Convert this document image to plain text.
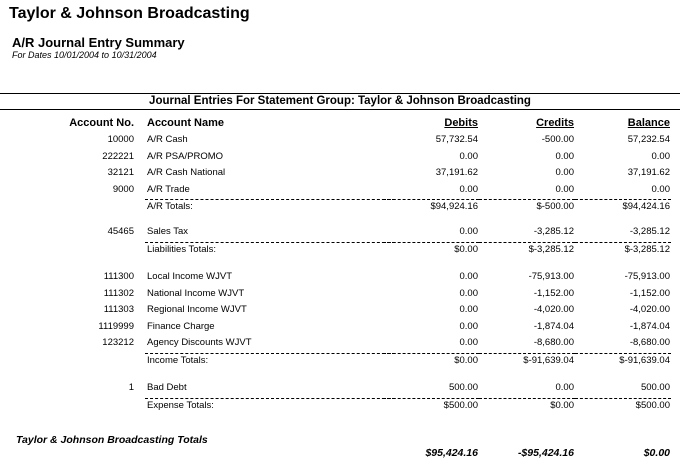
Taylor & Johnson Broadcasting
A/R Journal Entry Summary
For Dates 10/01/2004 to 10/31/2004
Journal Entries For Statement Group: Taylor & Johnson Broadcasting
Account No. Account Name	Debits	Credits	Balance
10000 A/R Cash	57,732.54	-500.00	57,232.54
222221 A/R PSA/PROMO	0.00	0.00	0.00
32121 A/R Cash National	37,191.62	0.00	37,191.62
9000 A/R Trade	0.00	0.00	0.00
A/R Totals:	$94,924.16	$-500.00	$94,424.16
45465 Sales Tax	0.00	-3,285.12	-3,285.12
Liabilities Totals:	$0.00	$-3,285.12	$-3,285.12
111300 Local Income WJVT	0.00	-75,913.00	-75,913.00
111302 National Income WJVT	0.00	-1,152.00	-1,152.00
111303 Regional Income WJVT	0.00	-4,020.00	-4,020.00
1119999 Finance Charge	0.00	-1,874.04	-1,874.04
123212 Agency Discounts WJVT	0.00	-8,680.00	-8,680.00
Income Totals:	$0.00	$-91,639.04	$-91,639.04
1 Bad Debt	500.00	0.00	500.00
Expense Totals:	$500.00	$0.00	$500.00
Taylor & Johnson Broadcasting Totals
$95,424.16	-$95,424.16	$0.00
